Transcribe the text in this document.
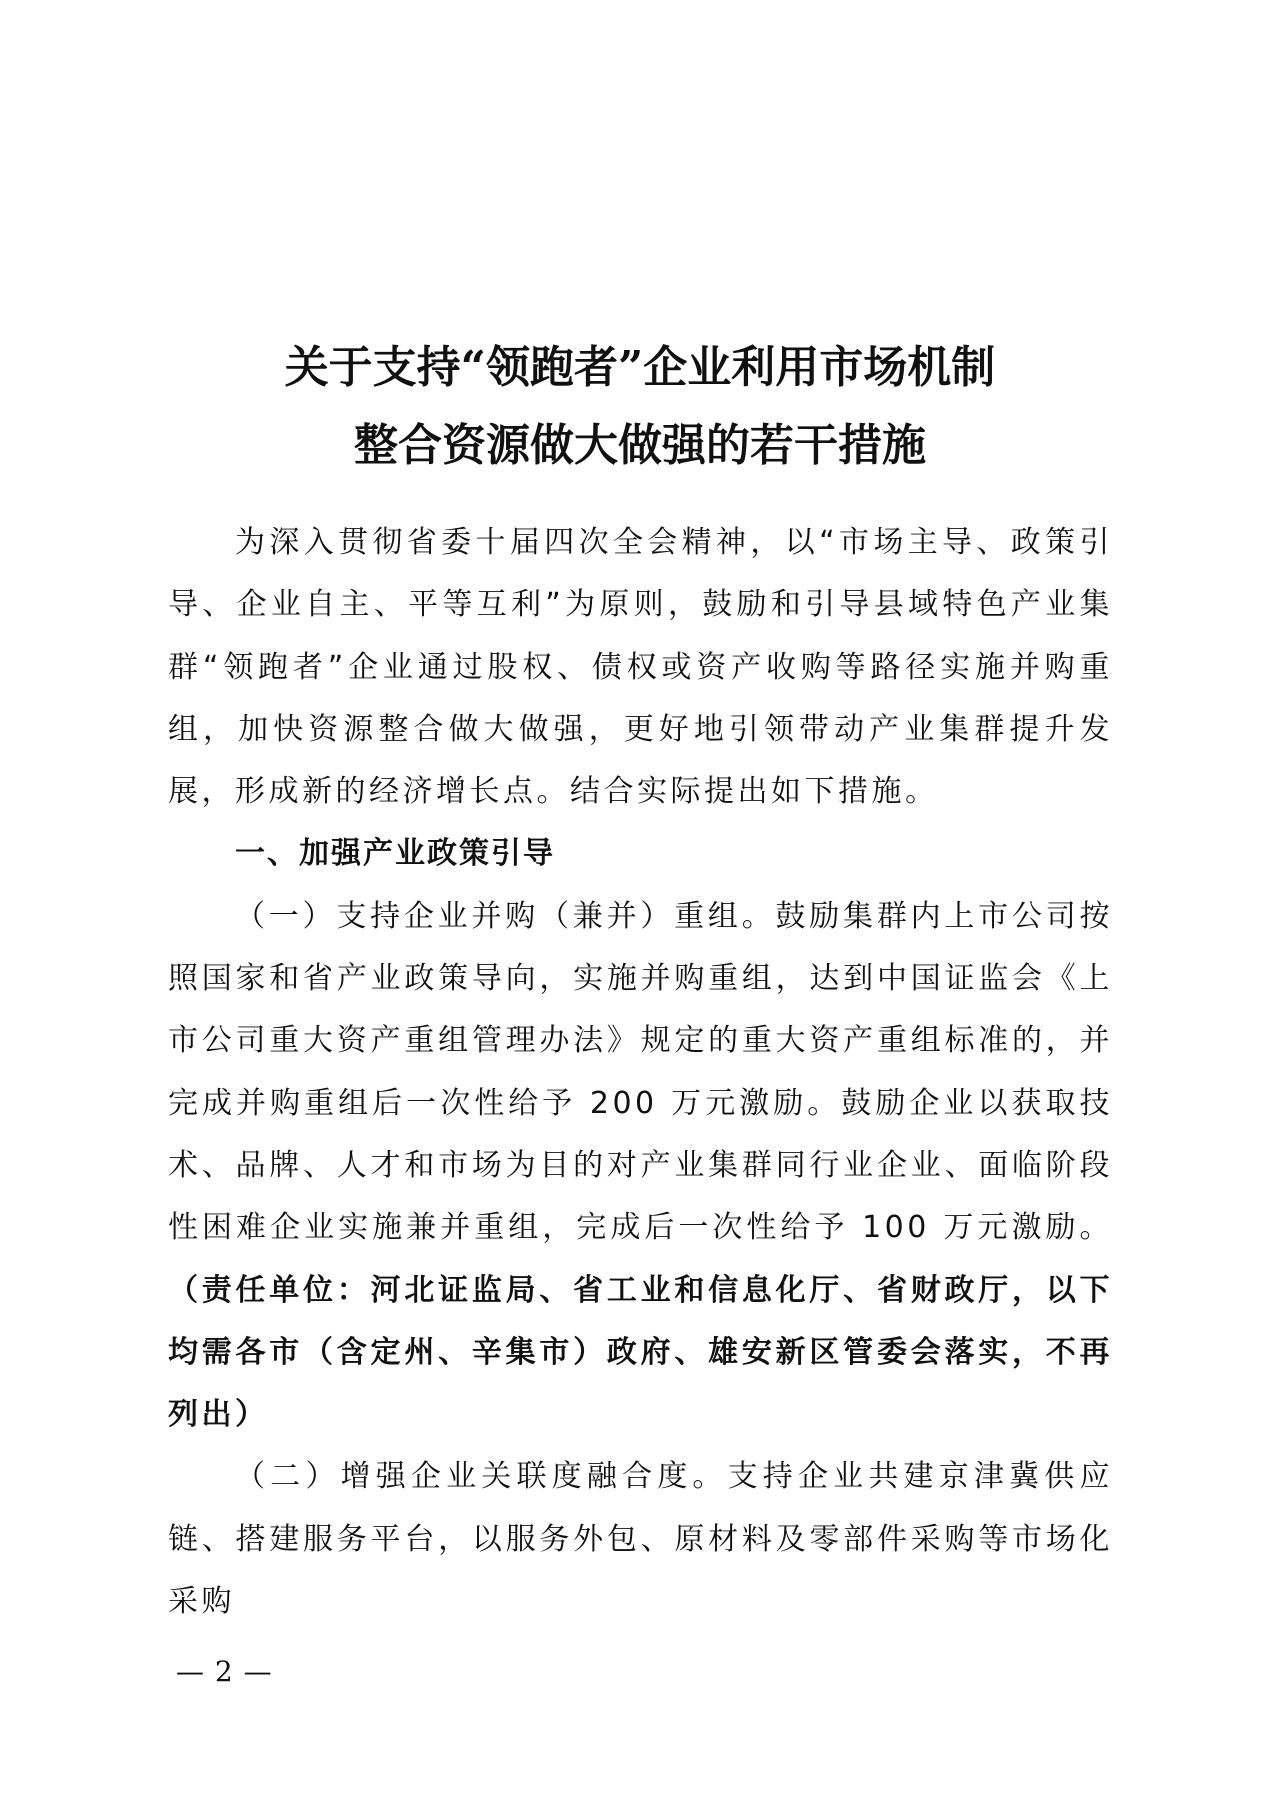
关于支持“领跑者”企业利用市场机制
整合资源做大做强的若干措施

为深入贯彻省委十届四次全会精神，以“市场主导、政策引导、企业自主、平等互利”为原则，鼓励和引导县域特色产业集群“领跑者”企业通过股权、债权或资产收购等路径实施并购重组，加快资源整合做大做强，更好地引领带动产业集群提升发展，形成新的经济增长点。结合实际提出如下措施。

一、加强产业政策引导

（一）支持企业并购（兼并）重组。鼓励集群内上市公司按照国家和省产业政策导向，实施并购重组，达到中国证监会《上市公司重大资产重组管理办法》规定的重大资产重组标准的，并完成并购重组后一次性给予 200 万元激励。鼓励企业以获取技术、品牌、人才和市场为目的对产业集群同行业企业、面临阶段性困难企业实施兼并重组，完成后一次性给予 100 万元激励。（责任单位：河北证监局、省工业和信息化厅、省财政厅，以下均需各市（含定州、辛集市）政府、雄安新区管委会落实，不再列出）

（二）增强企业关联度融合度。支持企业共建京津冀供应链、搭建服务平台，以服务外包、原材料及零部件采购等市场化采购

— 2 —
